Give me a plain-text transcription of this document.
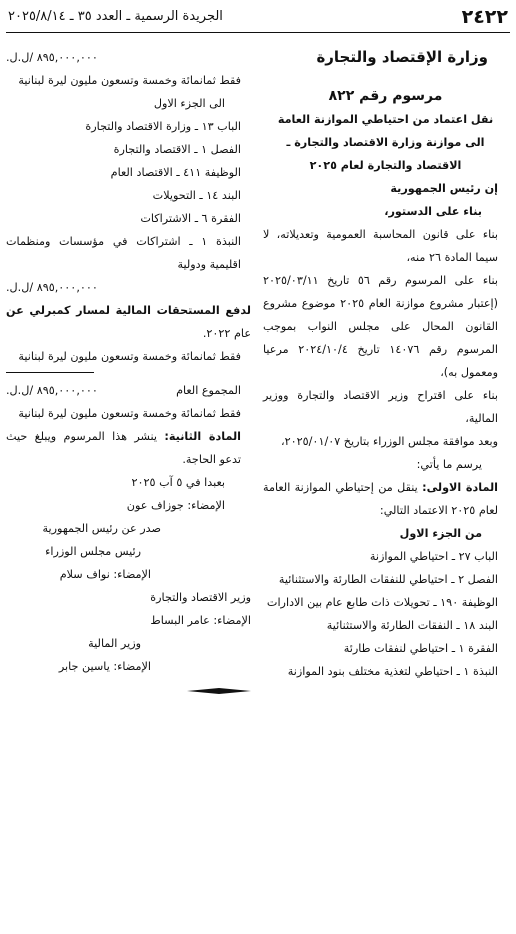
٢٤٢٢
الجريدة الرسمية ـ العدد ٣٥ ـ ٢٠٢٥/٨/١٤
وزارة الإقتصاد والتجارة
مرسوم رقم ٨٢٢
نقل اعتماد من احتياطي الموازنة العامة
الى موازنة وزارة الاقتصاد والتجارة ـ
الاقتصاد والتجارة لعام ٢٠٢٥
إن رئيس الجمهورية
بناء على الدستور،
بناء على قانون المحاسبة العمومية وتعديلاته، لا سيما المادة ٢٦ منه،
بناء على المرسوم رقم ٥٦ تاريخ ٢٠٢٥/٠٣/١١ (إعتبار مشروع موازنة العام ٢٠٢٥ موضوع مشروع القانون المحال على مجلس النواب بموجب المرسوم رقم ١٤٠٧٦ تاريخ ٢٠٢٤/١٠/٤ مرعيا ومعمول به)،
بناء على اقتراح وزير الاقتصاد والتجارة ووزير المالية،
وبعد موافقة مجلس الوزراء بتاريخ ٢٠٢٥/٠١/٠٧،
يرسم ما يأتي:
المادة الاولى: ينقل من إحتياطي الموازنة العامة لعام ٢٠٢٥ الاعتماد التالي:
من الجزء الاول
الباب ٢٧ ـ احتياطي الموازنة
الفصل ٢ ـ احتياطي للنفقات الطارئة والاستثنائية
الوظيفة ١٩٠ ـ تحويلات ذات طابع عام بين الادارات
البند ١٨ ـ النفقات الطارئة والاستثنائية
الفقرة ١ ـ احتياطي لنفقات طارئة
النبذة ١ ـ احتياطي لتغذية مختلف بنود الموازنة
٨٩٥,٠٠٠,٠٠٠ /ل.ل.
فقط ثمانمائة وخمسة وتسعون مليون ليرة لبنانية
الى الجزء الاول
الباب ١٣ ـ وزارة الاقتصاد والتجارة
الفصل ١ ـ الاقتصاد والتجارة
الوظيفة ٤١١ ـ الاقتصاد العام
البند ١٤ ـ التحويلات
الفقرة ٦ ـ الاشتراكات
النبذة ١ ـ اشتراكات في مؤسسات ومنظمات اقليمية ودولية
٨٩٥,٠٠٠,٠٠٠ /ل.ل.
لدفع المستحقات المالية لمسار كمبرلي عن عام ٢٠٢٢.
فقط ثمانمائة وخمسة وتسعون مليون ليرة لبنانية
المجموع العام
٨٩٥,٠٠٠,٠٠٠ /ل.ل.
فقط ثمانمائة وخمسة وتسعون مليون ليرة لبنانية
المادة الثانية: ينشر هذا المرسوم ويبلغ حيث تدعو الحاجة.
بعبدا في ٥ آب ٢٠٢٥
الإمضاء: جوزاف عون
صدر عن رئيس الجمهورية
رئيس مجلس الوزراء
الإمضاء: نواف سلام
وزير الاقتصاد والتجارة
الإمضاء: عامر البساط
وزير المالية
الإمضاء: ياسين جابر
